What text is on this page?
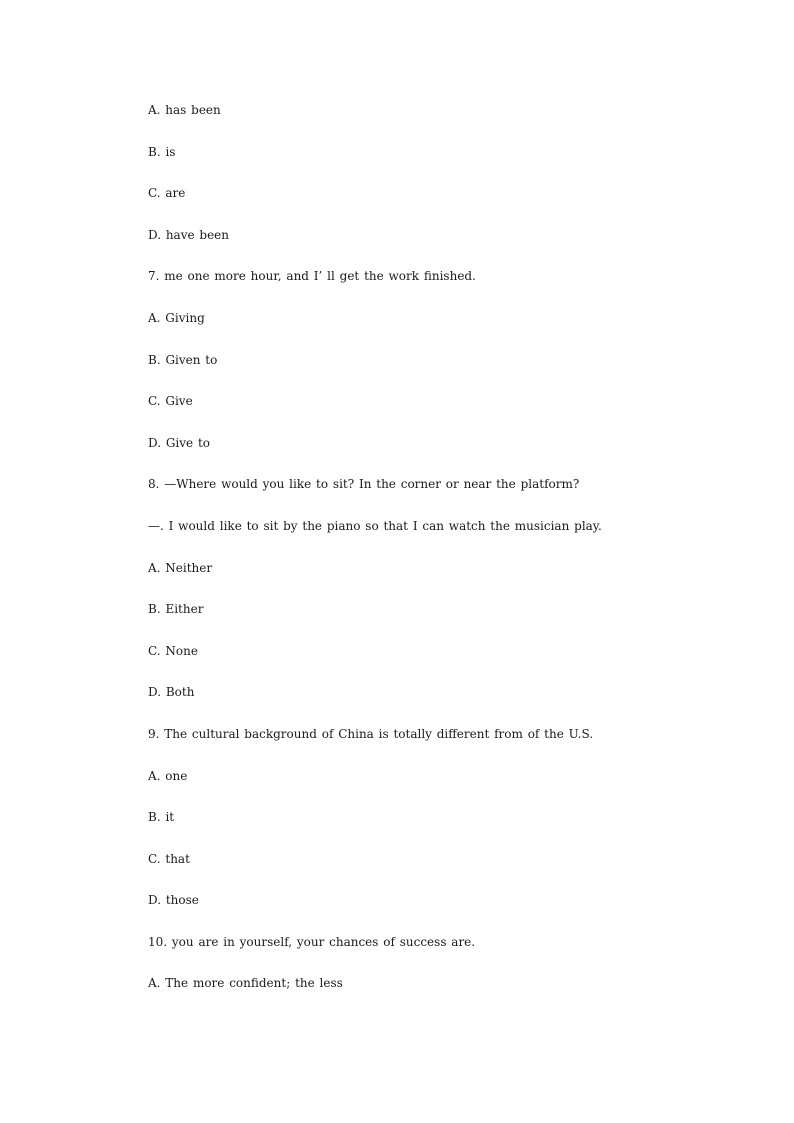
A. has been
B. is
C. are
D. have been
7. me one more hour, and I’ ll get the work finished.
A. Giving
B. Given to
C. Give
D. Give to
8. —Where would you like to sit? In the corner or near the platform?
—. I would like to sit by the piano so that I can watch the musician play.
A. Neither
B. Either
C. None
D. Both
9. The cultural background of China is totally different from of the U.S.
A. one
B. it
C. that
D. those
10. you are in yourself, your chances of success are.
A. The more confident; the less
